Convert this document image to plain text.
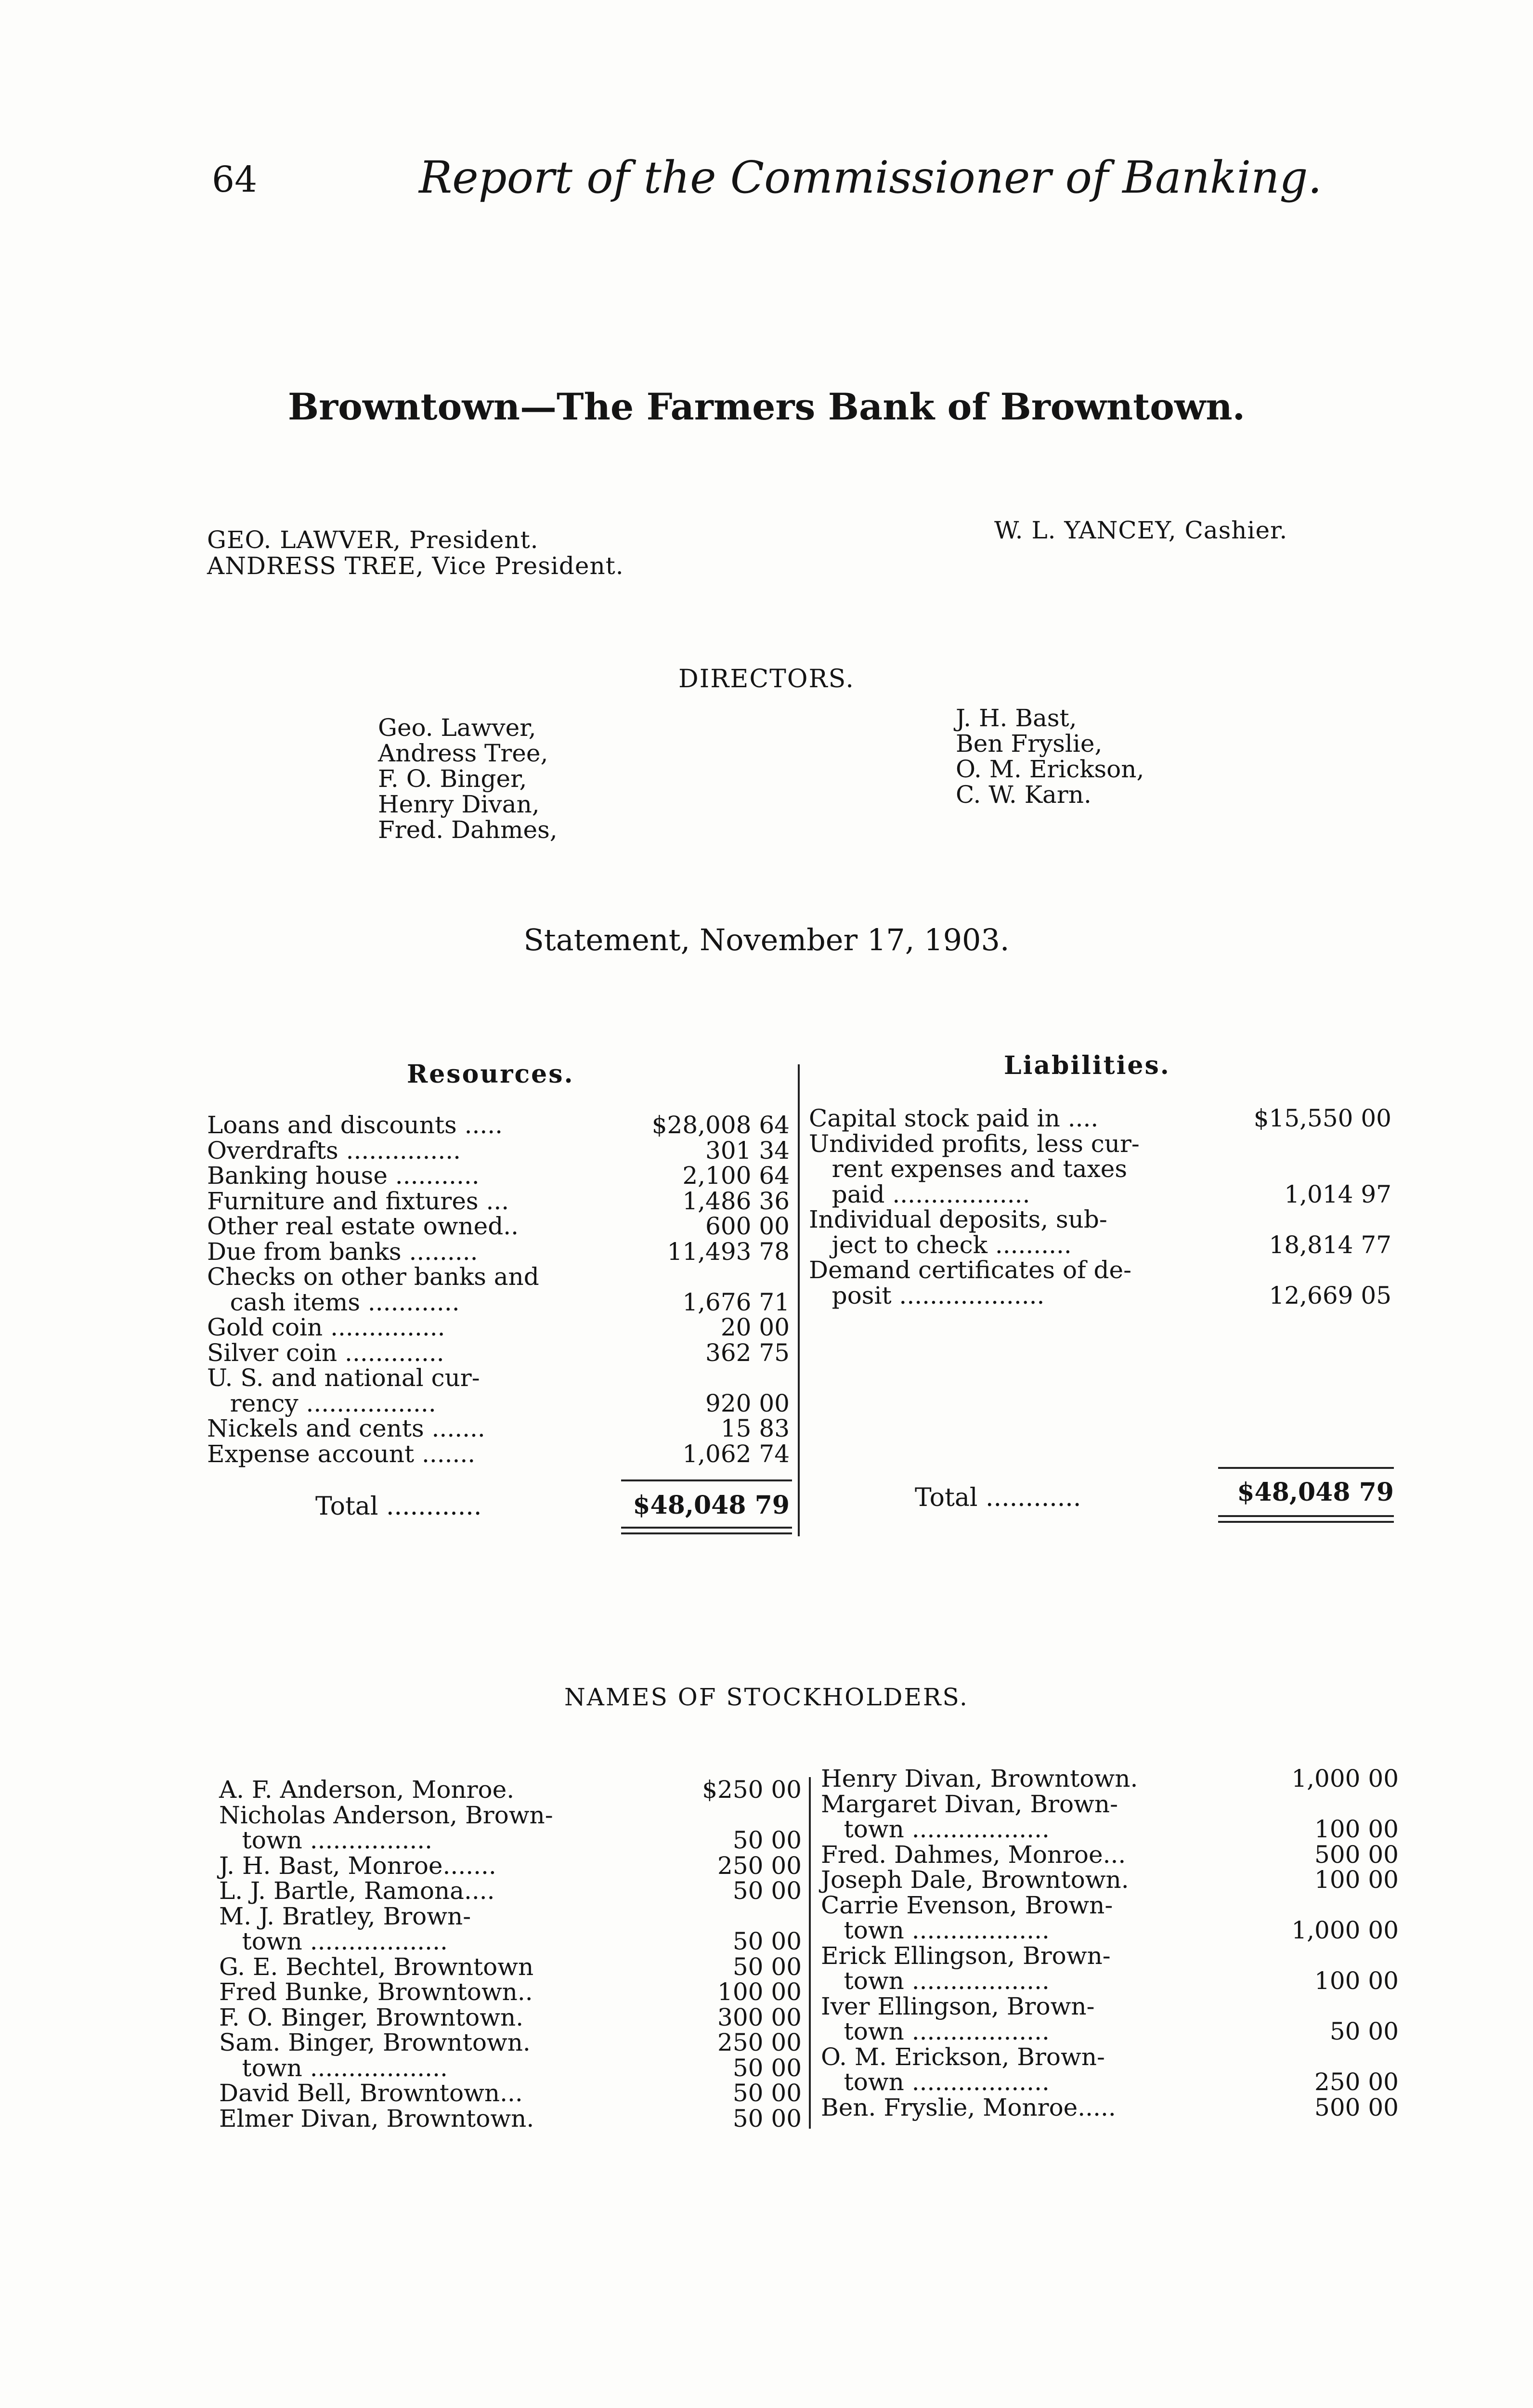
64	Report of the Commissioner of Banking.
Browntown—The Farmers Bank of Browntown.
GEO. LAWVER, President.
ANDRESS TREE, Vice President.
W. L. YANCEY, Cashier.
DIRECTORS.
Geo. Lawver,
Andress Tree,
F. O. Binger,
Henry Divan,
Fred. Dahmes,
J. H. Bast,
Ben Fryslie,
O. M. Erickson,
C. W. Karn.
Statement, November 17, 1903.
Resources.	Liabilities.
Loans and discounts .....	$28,008 64
Overdrafts ...............	301 34
Banking house ...........	2,100 64
Furniture and fixtures ...	1,486 36
Other real estate owned..	600 00
Due from banks .........	11,493 78
Checks on other banks and
cash items ............	1,676 71
Gold coin ...............	20 00
Silver coin .............	362 75
U. S. and national cur-
rency .................	920 00
Nickels and cents .......	15 83
Expense account .......	1,062 74
Capital stock paid in ....	$15,550 00
Undivided profits, less cur-
rent expenses and taxes
paid ..................	1,014 97
Individual deposits, sub-
ject to check ..........	18,814 77
Demand certificates of de-
posit ...................	12,669 05
Total ............	$48,048 79	Total ............	$48,048 79
NAMES OF STOCKHOLDERS.
A. F. Anderson, Monroe.	$250 00
Nicholas Anderson, Brown-
town ................	50 00
J. H. Bast, Monroe.......	250 00
L. J. Bartle, Ramona....	50 00
M. J. Bratley, Brown-
town ..................	50 00
G. E. Bechtel, Browntown	50 00
Fred Bunke, Browntown..	100 00
F. O. Binger, Browntown.	300 00
Sam. Binger, Browntown.	250 00
town ..................	50 00
David Bell, Browntown...	50 00
Elmer Divan, Browntown.	50 00
Henry Divan, Browntown.	1,000 00
Margaret Divan, Brown-
town ..................	100 00
Fred. Dahmes, Monroe...	500 00
Joseph Dale, Browntown.	100 00
Carrie Evenson, Brown-
town ..................	1,000 00
Erick Ellingson, Brown-
town ..................	100 00
Iver Ellingson, Brown-
town ..................	50 00
O. M. Erickson, Brown-
town ..................	250 00
Ben. Fryslie, Monroe.....	500 00
